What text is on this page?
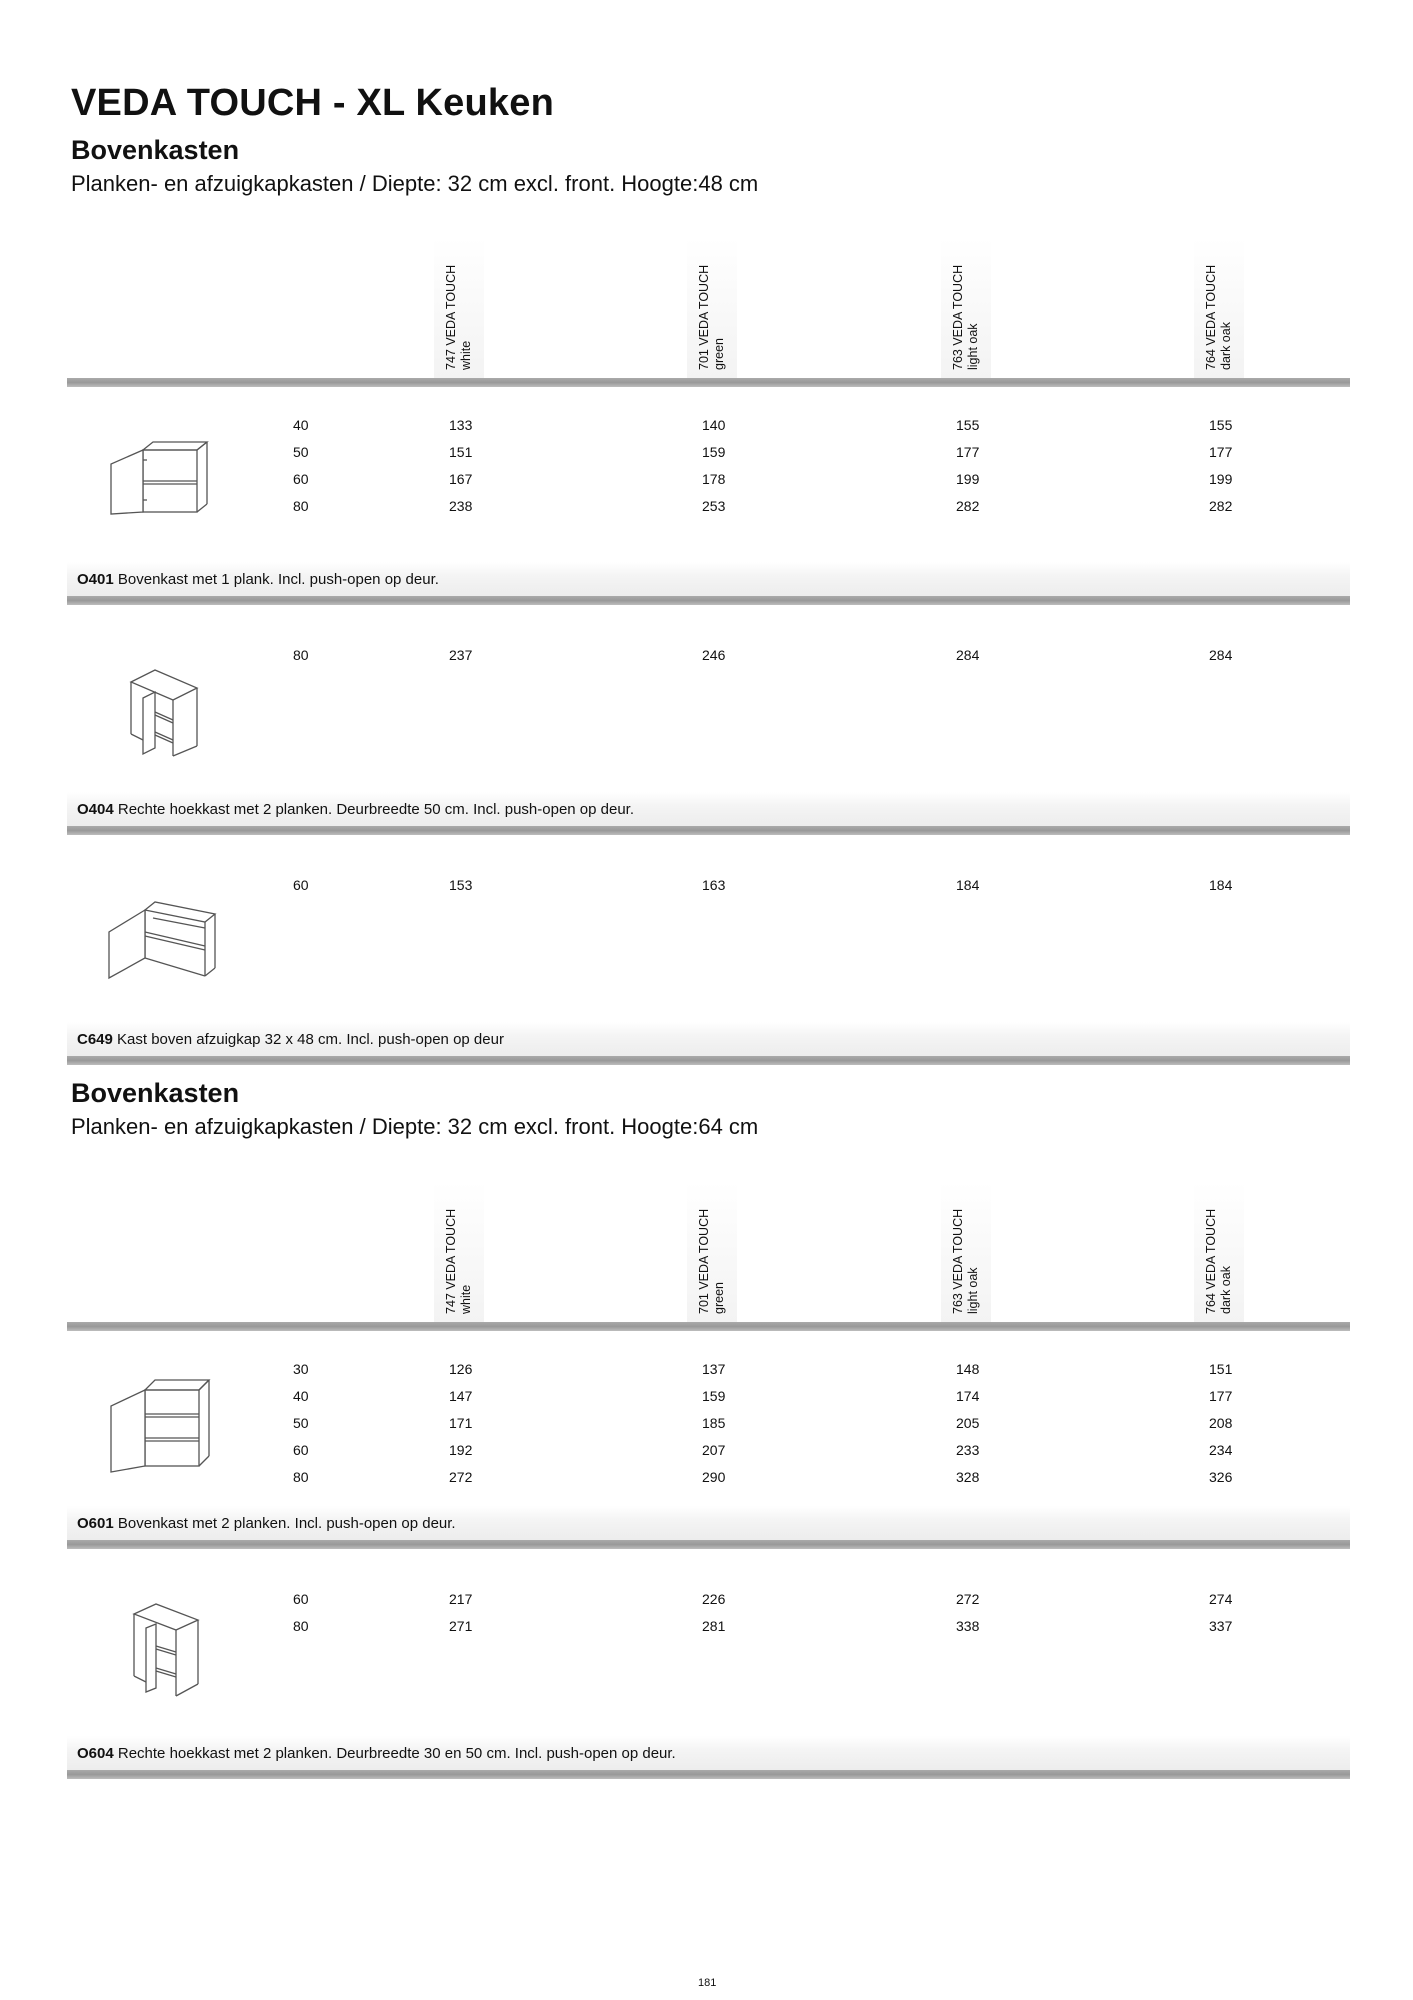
VEDA TOUCH - XL Keuken
Bovenkasten
Planken- en afzuigkapkasten / Diepte: 32 cm excl. front. Hoogte:48 cm
747 VEDA TOUCH white	701 VEDA TOUCH green	763 VEDA TOUCH light oak	764 VEDA TOUCH dark oak
40	133	140	155	155
50	151	159	177	177
60	167	178	199	199
80	238	253	282	282
O401 Bovenkast met 1 plank. Incl. push-open op deur.
80	237	246	284	284
O404 Rechte hoekkast met 2 planken. Deurbreedte 50 cm. Incl. push-open op deur.
60	153	163	184	184
C649 Kast boven afzuigkap 32 x 48 cm. Incl. push-open op deur
Bovenkasten
Planken- en afzuigkapkasten / Diepte: 32 cm excl. front. Hoogte:64 cm
747 VEDA TOUCH white	701 VEDA TOUCH green	763 VEDA TOUCH light oak	764 VEDA TOUCH dark oak
30	126	137	148	151
40	147	159	174	177
50	171	185	205	208
60	192	207	233	234
80	272	290	328	326
O601 Bovenkast met 2 planken. Incl. push-open op deur.
60	217	226	272	274
80	271	281	338	337
O604 Rechte hoekkast met 2 planken. Deurbreedte 30 en 50 cm. Incl. push-open op deur.
181
